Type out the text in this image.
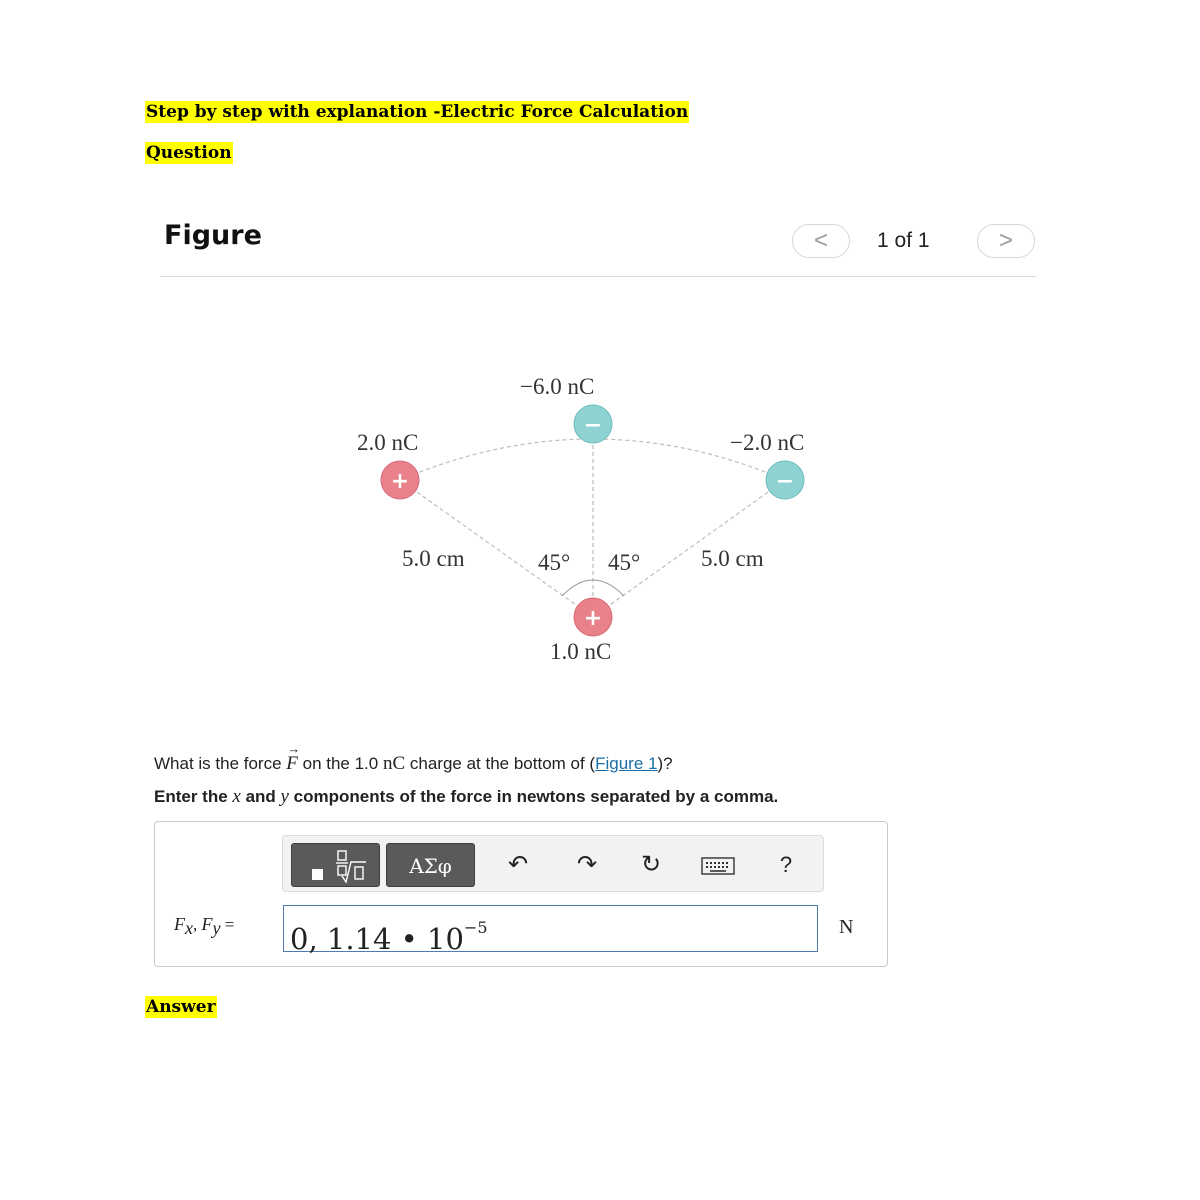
Step by step with explanation -Electric Force Calculation
Question
Figure	<	1 of 1	>
−
+	−
+
−6.0 nC
2.0 nC	−2.0 nC
5.0 cm	45° 45°	5.0 cm
1.0 nC
What is the force F
→
on the 1.0 nC charge at the bottom of (Figure 1)?
Enter the x and y components of the force in newtons separated by a comma.
ΑΣφ	↶ ↷ ↻	?
$F_x$, $F_y = 0$, 1.14 • $10^{-5}$	N
Answer
